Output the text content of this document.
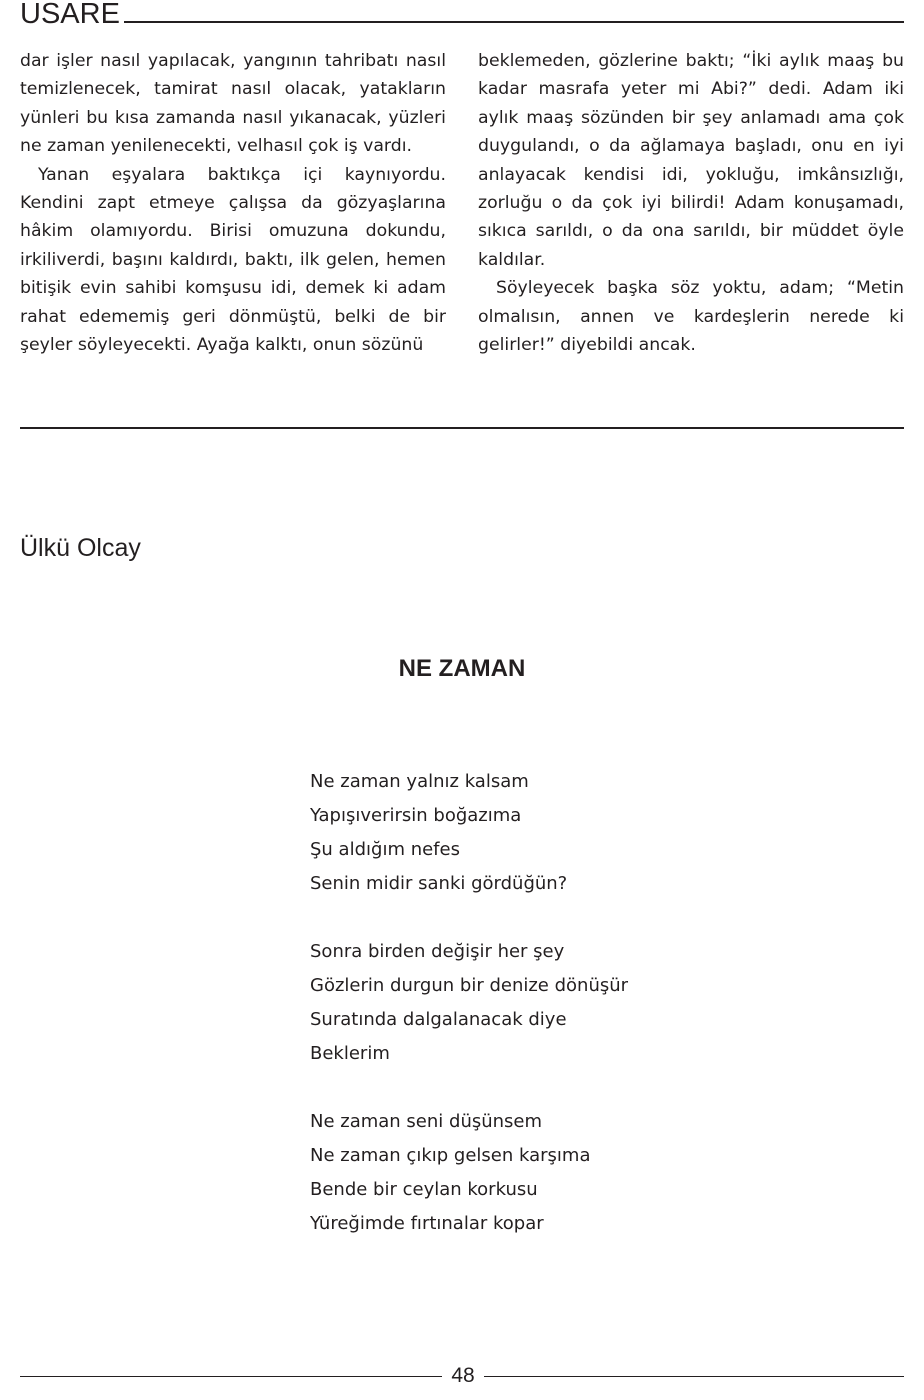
USARE

dar işler nasıl yapılacak, yangının tahribatı nasıl temizlenecek, tamirat nasıl olacak, yatakların yünleri bu kısa zamanda nasıl yıkanacak, yüzleri ne zaman yenilenecekti, velhasıl çok iş vardı.

Yanan eşyalara baktıkça içi kaynıyordu. Kendini zapt etmeye çalışsa da gözyaşlarına hâkim olamıyordu. Birisi omuzuna dokundu, irkiliverdi, başını kaldırdı, baktı, ilk gelen, hemen bitişik evin sahibi komşusu idi, demek ki adam rahat edememiş geri dönmüştü, belki de bir şeyler söyleyecekti. Ayağa kalktı, onun sözünü

beklemeden, gözlerine baktı; “İki aylık maaş bu kadar masrafa yeter mi Abi?” dedi. Adam iki aylık maaş sözünden bir şey anlamadı ama çok duygulandı, o da ağlamaya başladı, onu en iyi anlayacak kendisi idi, yokluğu, imkânsızlığı, zorluğu o da çok iyi bilirdi! Adam konuşamadı, sıkıca sarıldı, o da ona sarıldı, bir müddet öyle kaldılar.

Söyleyecek başka söz yoktu, adam; “Metin olmalısın, annen ve kardeşlerin nerede ki gelirler!” diyebildi ancak.

Ülkü Olcay
NE ZAMAN
Ne zaman yalnız kalsam
Yapışıverirsin boğazıma
Şu aldığım nefes
Senin midir sanki gördüğün?
Sonra birden değişir her şey
Gözlerin durgun bir denize dönüşür
Suratında dalgalanacak diye
Beklerim
Ne zaman seni düşünsem
Ne zaman çıkıp gelsen karşıma
Bende bir ceylan korkusu
Yüreğimde fırtınalar kopar
48
